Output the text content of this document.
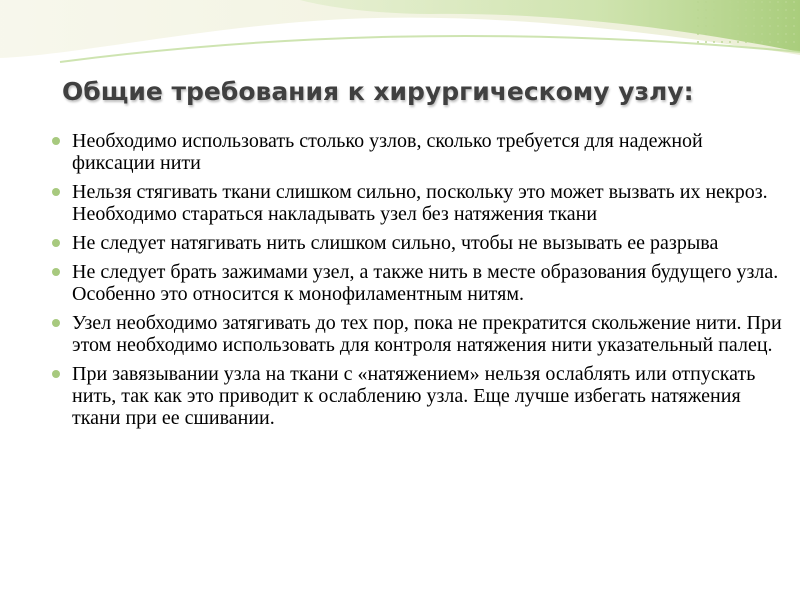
Общие требования к хирургическому узлу:
Необходимо использовать столько узлов, сколько требуется для надежной фиксации нити
Нельзя стягивать ткани слишком сильно, поскольку это может вызвать их некроз. Необходимо стараться накладывать узел без натяжения ткани
Не следует натягивать нить слишком сильно, чтобы не вызывать ее разрыва
Не следует брать зажимами узел, а также нить в месте образования будущего узла. Особенно это относится к монофиламентным нитям.
Узел необходимо затягивать до тех пор, пока не прекратится скольжение нити. При этом необходимо использовать для контроля натяжения нити указательный палец.
При завязывании узла на ткани с «натяжением» нельзя ослаблять или отпускать нить, так как это приводит к ослаблению узла. Еще лучше избегать натяжения ткани при ее сшивании.
